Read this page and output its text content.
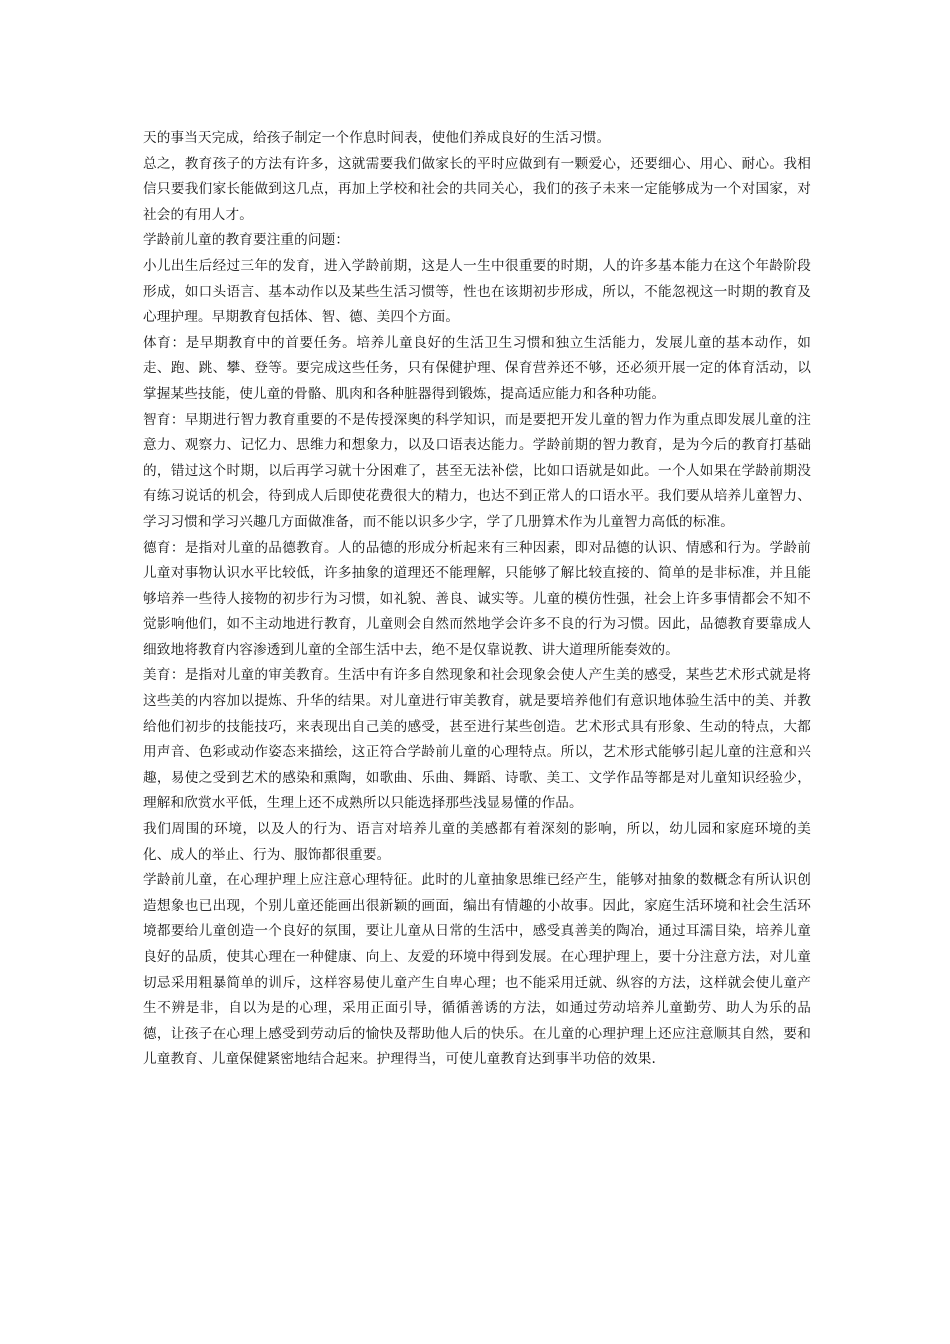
天的事当天完成，给孩子制定一个作息时间表，使他们养成良好的生活习惯。

总之，教育孩子的方法有许多，这就需要我们做家长的平时应做到有一颗爱心，还要细心、用心、耐心。我相信只要我们家长能做到这几点，再加上学校和社会的共同关心，我们的孩子未来一定能够成为一个对国家，对社会的有用人才。

学龄前儿童的教育要注重的问题：

小儿出生后经过三年的发育，进入学龄前期，这是人一生中很重要的时期，人的许多基本能力在这个年龄阶段形成，如口头语言、基本动作以及某些生活习惯等，性也在该期初步形成，所以，不能忽视这一时期的教育及心理护理。早期教育包括体、智、德、美四个方面。

体育：是早期教育中的首要任务。培养儿童良好的生活卫生习惯和独立生活能力，发展儿童的基本动作，如走、跑、跳、攀、登等。要完成这些任务，只有保健护理、保育营养还不够，还必须开展一定的体育活动，以掌握某些技能，使儿童的骨骼、肌肉和各种脏器得到锻炼，提高适应能力和各种功能。

智育：早期进行智力教育重要的不是传授深奥的科学知识，而是要把开发儿童的智力作为重点即发展儿童的注意力、观察力、记忆力、思维力和想象力，以及口语表达能力。学龄前期的智力教育，是为今后的教育打基础的，错过这个时期，以后再学习就十分困难了，甚至无法补偿，比如口语就是如此。一个人如果在学龄前期没有练习说话的机会，待到成人后即使花费很大的精力，也达不到正常人的口语水平。我们要从培养儿童智力、学习习惯和学习兴趣几方面做准备，而不能以识多少字，学了几册算术作为儿童智力高低的标准。

德育：是指对儿童的品德教育。人的品德的形成分析起来有三种因素，即对品德的认识、情感和行为。学龄前儿童对事物认识水平比较低，许多抽象的道理还不能理解，只能够了解比较直接的、简单的是非标准，并且能够培养一些待人接物的初步行为习惯，如礼貌、善良、诚实等。儿童的模仿性强，社会上许多事情都会不知不觉影响他们，如不主动地进行教育，儿童则会自然而然地学会许多不良的行为习惯。因此，品德教育要靠成人细致地将教育内容渗透到儿童的全部生活中去，绝不是仅靠说教、讲大道理所能奏效的。

美育：是指对儿童的审美教育。生活中有许多自然现象和社会现象会使人产生美的感受，某些艺术形式就是将这些美的内容加以提炼、升华的结果。对儿童进行审美教育，就是要培养他们有意识地体验生活中的美、并教给他们初步的技能技巧，来表现出自己美的感受，甚至进行某些创造。艺术形式具有形象、生动的特点，大都用声音、色彩或动作姿态来描绘，这正符合学龄前儿童的心理特点。所以，艺术形式能够引起儿童的注意和兴趣，易使之受到艺术的感染和熏陶，如歌曲、乐曲、舞蹈、诗歌、美工、文学作品等都是对儿童知识经验少，理解和欣赏水平低，生理上还不成熟所以只能选择那些浅显易懂的作品。

我们周围的环境，以及人的行为、语言对培养儿童的美感都有着深刻的影响，所以，幼儿园和家庭环境的美化、成人的举止、行为、服饰都很重要。

学龄前儿童，在心理护理上应注意心理特征。此时的儿童抽象思维已经产生，能够对抽象的数概念有所认识创造想象也已出现，个别儿童还能画出很新颖的画面，编出有情趣的小故事。因此，家庭生活环境和社会生活环境都要给儿童创造一个良好的氛围，要让儿童从日常的生活中，感受真善美的陶冶，通过耳濡目染，培养儿童良好的品质，使其心理在一种健康、向上、友爱的环境中得到发展。在心理护理上，要十分注意方法，对儿童切忌采用粗暴简单的训斥，这样容易使儿童产生自卑心理；也不能采用迁就、纵容的方法，这样就会使儿童产生不辨是非，自以为是的心理，采用正面引导，循循善诱的方法，如通过劳动培养儿童勤劳、助人为乐的品德，让孩子在心理上感受到劳动后的愉快及帮助他人后的快乐。在儿童的心理护理上还应注意顺其自然，要和儿童教育、儿童保健紧密地结合起来。护理得当，可使儿童教育达到事半功倍的效果.
